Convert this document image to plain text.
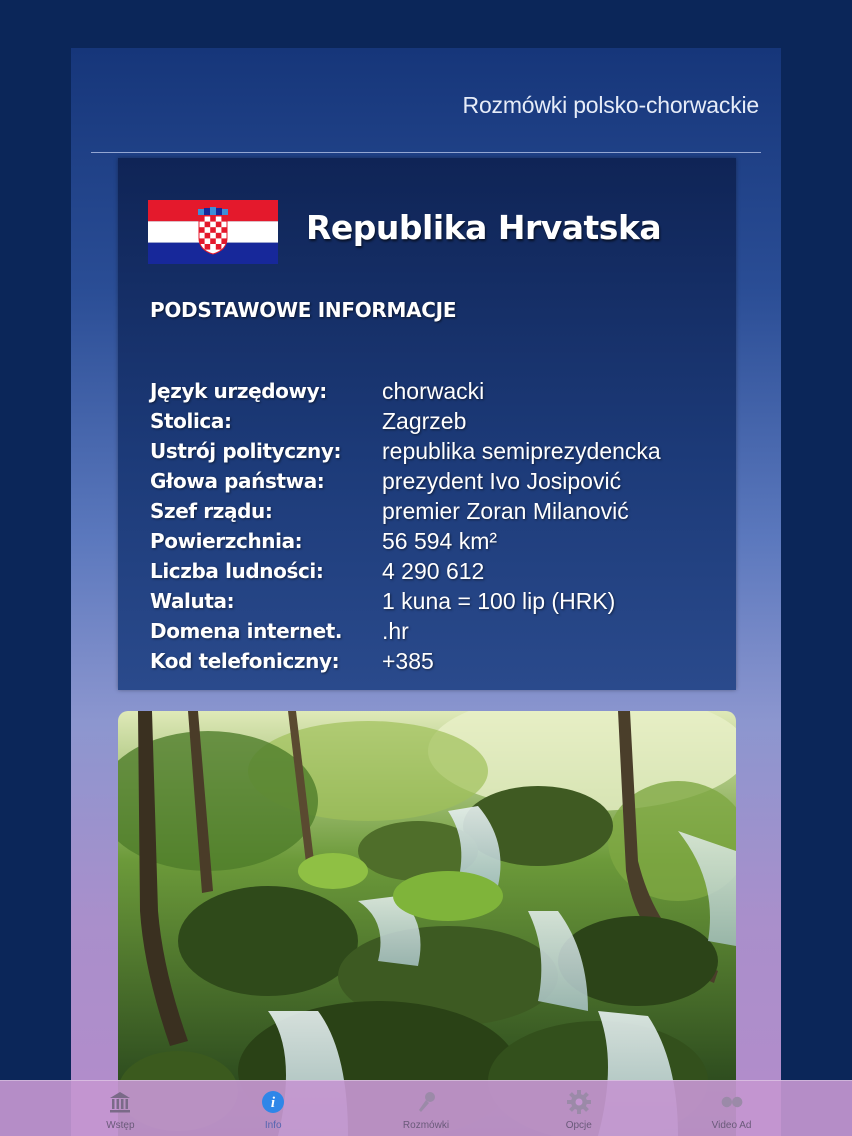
Rozmówki polsko-chorwackie
Republika Hrvatska
PODSTAWOWE INFORMACJE
Język urzędowy:	chorwacki
Stolica:	Zagrzeb
Ustrój polityczny:	republika semiprezydencka
Głowa państwa:	prezydent Ivo Josipović
Szef rządu:	premier Zoran Milanović
Powierzchnia:	56 594 km²
Liczba ludności:	4 290 612
Waluta:	1 kuna = 100 lip (HRK)
Domena internet.	.hr
Kod telefoniczny:	+385
Wstęp
i
Info	Rozmówki	Opcje	Video Ad
